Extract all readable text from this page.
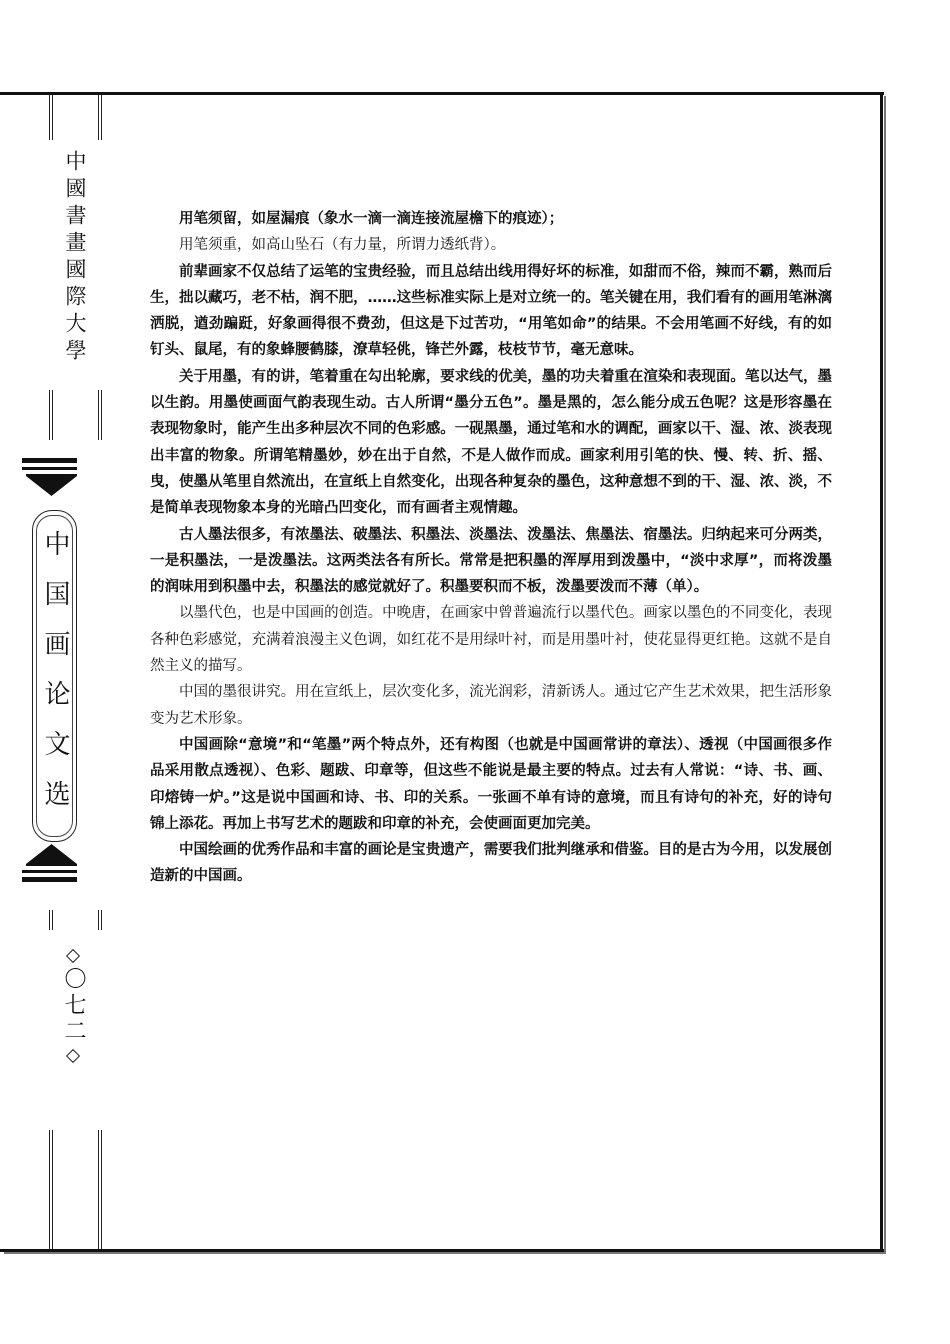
中國書畫國際大學
中国画论文选
〇七二

用笔须留，如屋漏痕（象水一滴一滴连接流屋檐下的痕迹）；

用笔须重，如高山坠石（有力量，所谓力透纸背）。

前辈画家不仅总结了运笔的宝贵经验，而且总结出线用得好坏的标准，如甜而不俗，辣而不霸，熟而后生，拙以藏巧，老不枯，润不肥，……这些标准实际上是对立统一的。笔关键在用，我们看有的画用笔淋漓洒脱，遒劲蹁跹，好象画得很不费劲，但这是下过苦功，“用笔如命”的结果。不会用笔画不好线，有的如钉头、鼠尾，有的象蜂腰鹤膝，潦草轻佻，锋芒外露，枝枝节节，毫无意味。

关于用墨，有的讲，笔着重在勾出轮廓，要求线的优美，墨的功夫着重在渲染和表现面。笔以达气，墨以生韵。用墨使画面气韵表现生动。古人所谓“墨分五色”。墨是黑的，怎么能分成五色呢？这是形容墨在表现物象时，能产生出多种层次不同的色彩感。一砚黑墨，通过笔和水的调配，画家以干、湿、浓、淡表现出丰富的物象。所谓笔精墨妙，妙在出于自然，不是人做作而成。画家利用引笔的快、慢、转、折、摇、曳，使墨从笔里自然流出，在宣纸上自然变化，出现各种复杂的墨色，这种意想不到的干、湿、浓、淡，不是简单表现物象本身的光暗凸凹变化，而有画者主观情趣。

古人墨法很多，有浓墨法、破墨法、积墨法、淡墨法、泼墨法、焦墨法、宿墨法。归纳起来可分两类，一是积墨法，一是泼墨法。这两类法各有所长。常常是把积墨的浑厚用到泼墨中，“淡中求厚”，而将泼墨的润味用到积墨中去，积墨法的感觉就好了。积墨要积而不板，泼墨要泼而不薄（单）。

以墨代色，也是中国画的创造。中晚唐，在画家中曾普遍流行以墨代色。画家以墨色的不同变化，表现各种色彩感觉，充满着浪漫主义色调，如红花不是用绿叶衬，而是用墨叶衬，使花显得更红艳。这就不是自然主义的描写。

中国的墨很讲究。用在宣纸上，层次变化多，流光润彩，清新诱人。通过它产生艺术效果，把生活形象变为艺术形象。

中国画除“意境”和“笔墨”两个特点外，还有构图（也就是中国画常讲的章法）、透视（中国画很多作品采用散点透视）、色彩、题跋、印章等，但这些不能说是最主要的特点。过去有人常说：“诗、书、画、印熔铸一炉。”这是说中国画和诗、书、印的关系。一张画不单有诗的意境，而且有诗句的补充，好的诗句锦上添花。再加上书写艺术的题跋和印章的补充，会使画面更加完美。

中国绘画的优秀作品和丰富的画论是宝贵遗产，需要我们批判继承和借鉴。目的是古为今用，以发展创造新的中国画。
